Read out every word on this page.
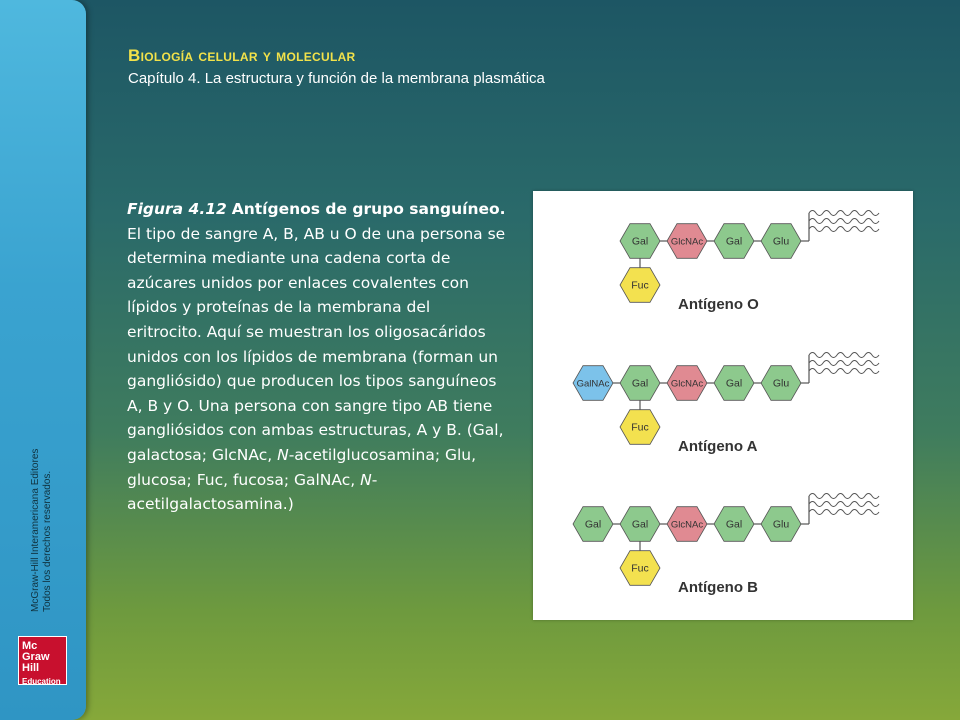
McGraw-Hill Interamericana Editores Todos los derechos reservados.
Mc
Graw
Hill
Education
Biología celular y molecular
Capítulo 4. La estructura y función de la membrana plasmática
Figura 4.12 Antígenos de grupo sanguíneo. El tipo de sangre A, B, AB u O de una persona se determina mediante una cadena corta de azúcares unidos por enlaces covalentes con lípidos y proteínas de la membrana del eritrocito. Aquí se muestran los oligosacáridos unidos con los lípidos de membrana (forman un gangliósido) que producen los tipos sanguíneos A, B y O. Una persona con sangre tipo AB tiene gangliósidos con ambas estructuras, A y B. (Gal, galactosa; GlcNAc, N-acetilglucosamina; Glu, glucosa; Fuc, fucosa; GalNAc, N-acetilgalactosamina.)
Gal GlcNAc Gal	Glu
Fuc
Antígeno O
GalNAc Gal GlcNAc Gal	Glu
Fuc
Antígeno A
Gal	Gal GlcNAc Gal	Glu
Fuc
Antígeno B
